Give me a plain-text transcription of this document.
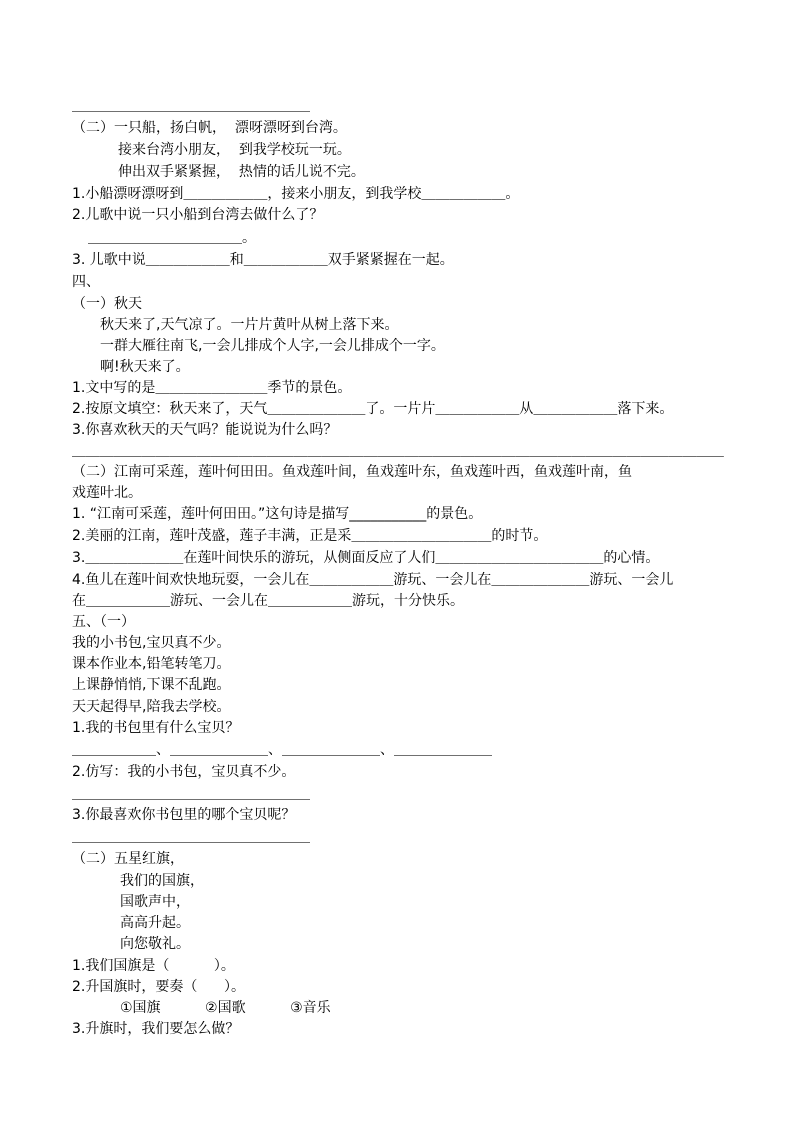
＿＿＿＿＿＿＿＿＿＿＿＿＿＿＿＿＿
（二）一只船，扬白帆，  漂呀漂呀到台湾。
接来台湾小朋友，  到我学校玩一玩。
伸出双手紧紧握，  热情的话儿说不完。
1.小船漂呀漂呀到＿＿＿＿＿＿，接来小朋友，到我学校＿＿＿＿＿＿。
2.儿歌中说一只小船到台湾去做什么了？
＿＿＿＿＿＿＿＿＿＿＿。
3. 儿歌中说＿＿＿＿＿＿和＿＿＿＿＿＿双手紧紧握在一起。
四、
（一）秋天
秋天来了,天气凉了。一片片黄叶从树上落下来。
一群大雁往南飞,一会儿排成个人字,一会儿排成个一字。
啊!秋天来了。
1.文中写的是＿＿＿＿＿＿＿＿季节的景色。
2.按原文填空：秋天来了，天气＿＿＿＿＿＿＿了。一片片＿＿＿＿＿＿从＿＿＿＿＿＿落下来。
3.你喜欢秋天的天气吗？能说说为什么吗？
＿＿＿＿＿＿＿＿＿＿＿＿＿＿＿＿＿＿＿＿＿＿＿＿＿＿＿＿＿＿＿＿＿＿＿＿＿＿＿＿＿＿＿＿＿＿＿
（二）江南可采莲，莲叶何田田。鱼戏莲叶间，鱼戏莲叶东，鱼戏莲叶西，鱼戏莲叶南，鱼
戏莲叶北。
1. “江南可采莲，莲叶何田田。”这句诗是描写___________的景色。
2.美丽的江南，莲叶茂盛，莲子丰满，正是采＿＿＿＿＿＿＿＿＿＿的时节。
3.＿＿＿＿＿＿＿在莲叶间快乐的游玩，从侧面反应了人们＿＿＿＿＿＿＿＿＿＿＿＿的心情。
4.鱼儿在莲叶间欢快地玩耍，一会儿在＿＿＿＿＿＿游玩、一会儿在＿＿＿＿＿＿＿游玩、一会儿
在＿＿＿＿＿＿游玩、一会儿在＿＿＿＿＿＿游玩，十分快乐。
五、（一）
我的小书包,宝贝真不少。
课本作业本,铅笔转笔刀。
上课静悄悄,下课不乱跑。
天天起得早,陪我去学校。
1.我的书包里有什么宝贝？
＿＿＿＿＿＿、＿＿＿＿＿＿＿、＿＿＿＿＿＿＿、＿＿＿＿＿＿＿
2.仿写：我的小书包，宝贝真不少。
＿＿＿＿＿＿＿＿＿＿＿＿＿＿＿＿＿
3.你最喜欢你书包里的哪个宝贝呢？
＿＿＿＿＿＿＿＿＿＿＿＿＿＿＿＿＿
（二）五星红旗，
我们的国旗，
国歌声中，
高高升起。
向您敬礼。
1.我们国旗是（          ）。
2.升国旗时，要奏（      ）。
①国旗          ②国歌          ③音乐
3.升旗时，我们要怎么做？
